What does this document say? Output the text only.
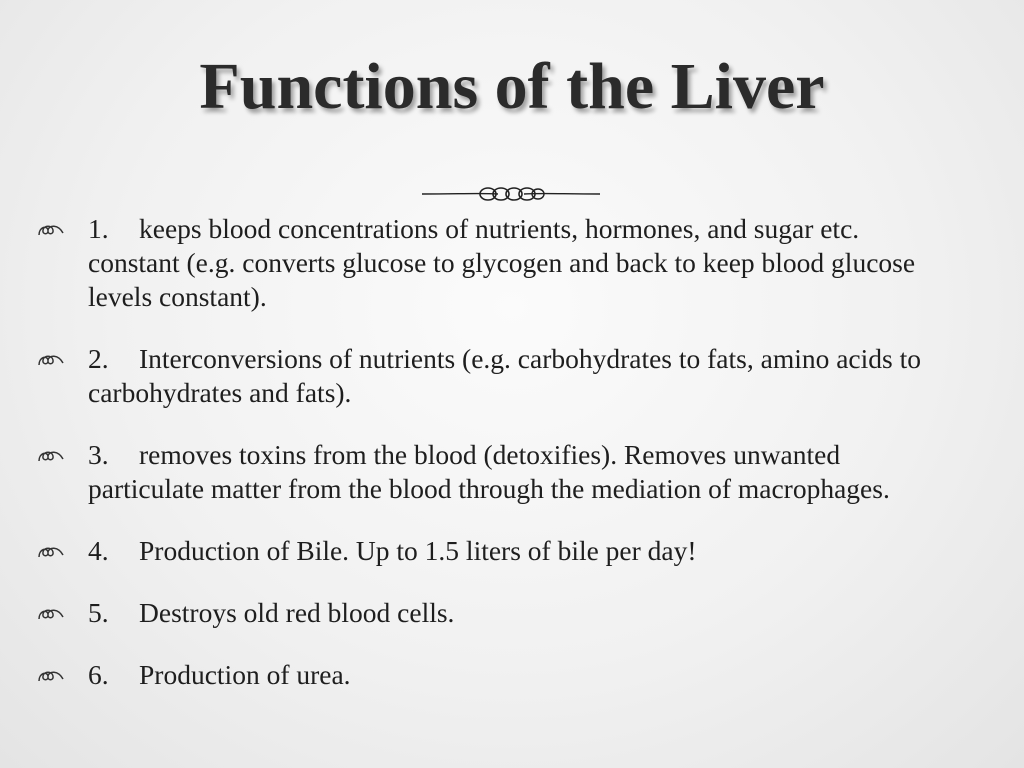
Functions of the Liver
1. keeps blood concentrations of nutrients, hormones, and sugar etc. constant (e.g. converts glucose to glycogen and back to keep blood glucose levels constant).
2. Interconversions of nutrients (e.g. carbohydrates to fats, amino acids to carbohydrates and fats).
3. removes toxins from the blood (detoxifies). Removes unwanted particulate matter from the blood through the mediation of macrophages.
4. Production of Bile. Up to 1.5 liters of bile per day!
5. Destroys old red blood cells.
6. Production of urea.
